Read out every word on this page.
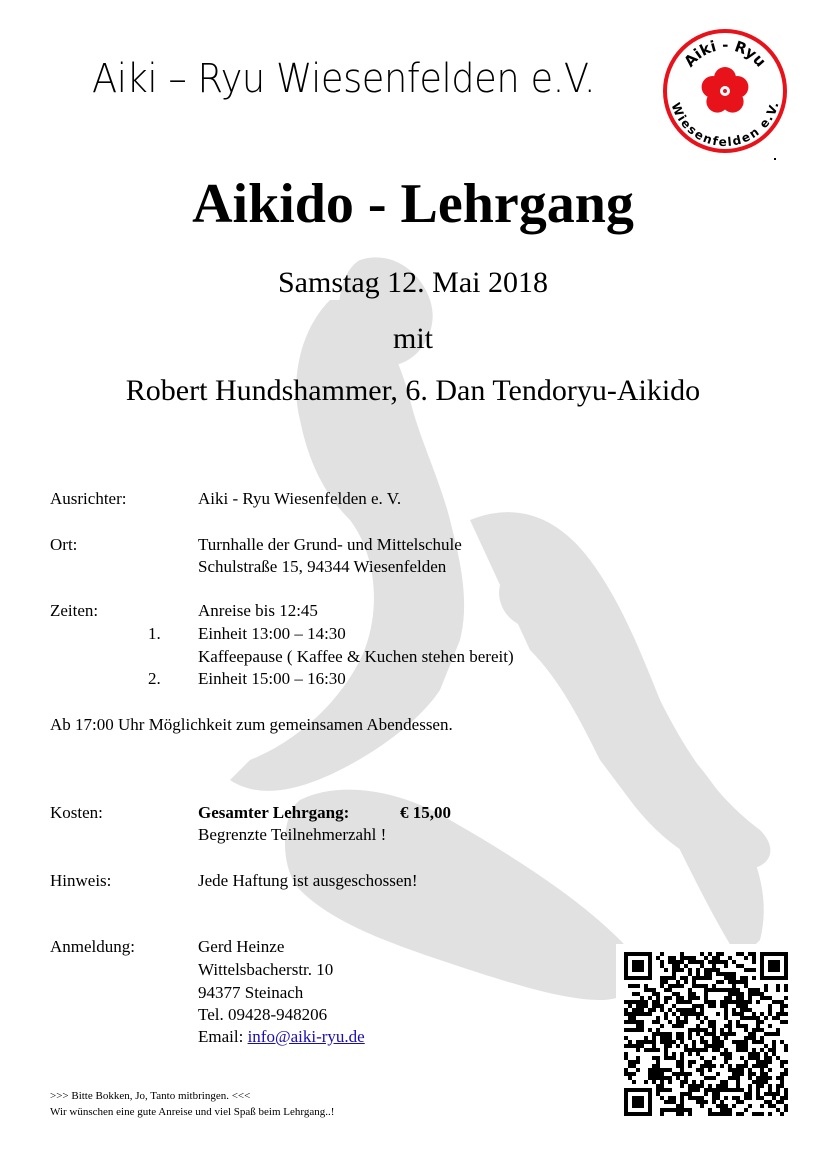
Aiki – Ryu Wiesenfelden e.V.	Aiki - Ryu
Wiesenfelden e.V.
Aikido - Lehrgang
Samstag 12. Mai 2018
mit
Robert Hundshammer, 6. Dan Tendoryu-Aikido
Ausrichter:	Aiki - Ryu Wiesenfelden e. V.
Ort:	Turnhalle der Grund- und Mittelschule
Schulstraße 15, 94344 Wiesenfelden
Zeiten:	Anreise bis 12:45
1. Einheit 13:00 – 14:30
Kaffeepause ( Kaffee & Kuchen stehen bereit)
2. Einheit 15:00 – 16:30
Ab 17:00 Uhr Möglichkeit zum gemeinsamen Abendessen.
Kosten:	Gesamter Lehrgang:	€ 15,00
Begrenzte Teilnehmerzahl !
Hinweis:	Jede Haftung ist ausgeschossen!
Anmeldung:	Gerd Heinze
Wittelsbacherstr. 10
94377 Steinach
Tel. 09428-948206
Email: info@aiki-ryu.de
>>> Bitte Bokken, Jo, Tanto mitbringen. <<<
Wir wünschen eine gute Anreise und viel Spaß beim Lehrgang..!
